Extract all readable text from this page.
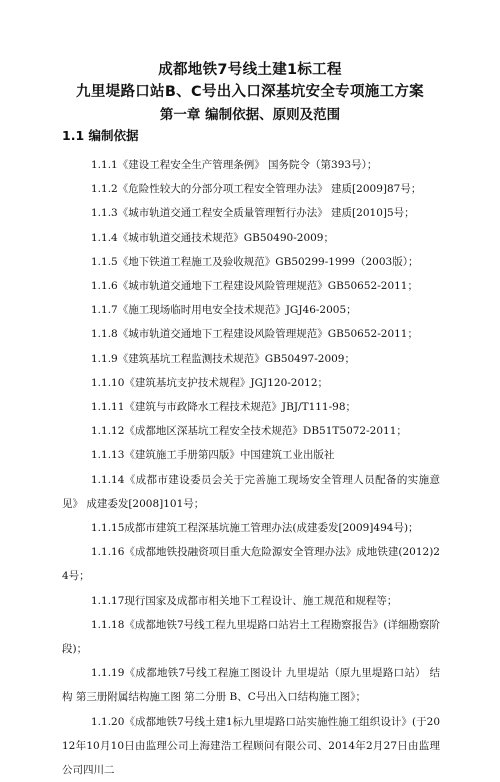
成都地铁7号线土建1标工程
九里堤路口站B、C号出入口深基坑安全专项施工方案
第一章 编制依据、原则及范围
1.1 编制依据
1.1.1《建设工程安全生产管理条例》 国务院令（第393号）；
1.1.2《危险性较大的分部分项工程安全管理办法》 建质[2009]87号；
1.1.3《城市轨道交通工程安全质量管理暂行办法》 建质[2010]5号；
1.1.4《城市轨道交通技术规范》GB50490-2009；
1.1.5《地下铁道工程施工及验收规范》GB50299-1999（2003版）；
1.1.6《城市轨道交通地下工程建设风险管理规范》GB50652-2011；
1.1.7《施工现场临时用电安全技术规范》JGJ46-2005；
1.1.8《城市轨道交通地下工程建设风险管理规范》GB50652-2011；
1.1.9《建筑基坑工程监测技术规范》GB50497-2009；
1.1.10《建筑基坑支护技术规程》JGJ120-2012；
1.1.11《建筑与市政降水工程技术规范》JBJ/T111-98；
1.1.12《成都地区深基坑工程安全技术规范》DB51T5072-2011；
1.1.13《建筑施工手册第四版》中国建筑工业出版社
1.1.14《成都市建设委员会关于完善施工现场安全管理人员配备的实施意见》 成建委发[2008]101号；
1.1.15成都市建筑工程深基坑施工管理办法(成建委发[2009]494号)；
1.1.16《成都地铁投融资项目重大危险源安全管理办法》成地铁建(2012)24号；
1.1.17现行国家及成都市相关地下工程设计、施工规范和规程等；
1.1.18《成都地铁7号线工程九里堤路口站岩土工程勘察报告》(详细勘察阶段)；
1.1.19《成都地铁7号线工程施工图设计 九里堤站（原九里堤路口站） 结构 第三册附属结构施工图 第二分册 B、C号出入口结构施工图》；
1.1.20《成都地铁7号线土建1标九里堤路口站实施性施工组织设计》(于2012年10月10日由监理公司上海建浩工程顾问有限公司、2014年2月27日由监理公司四川二
